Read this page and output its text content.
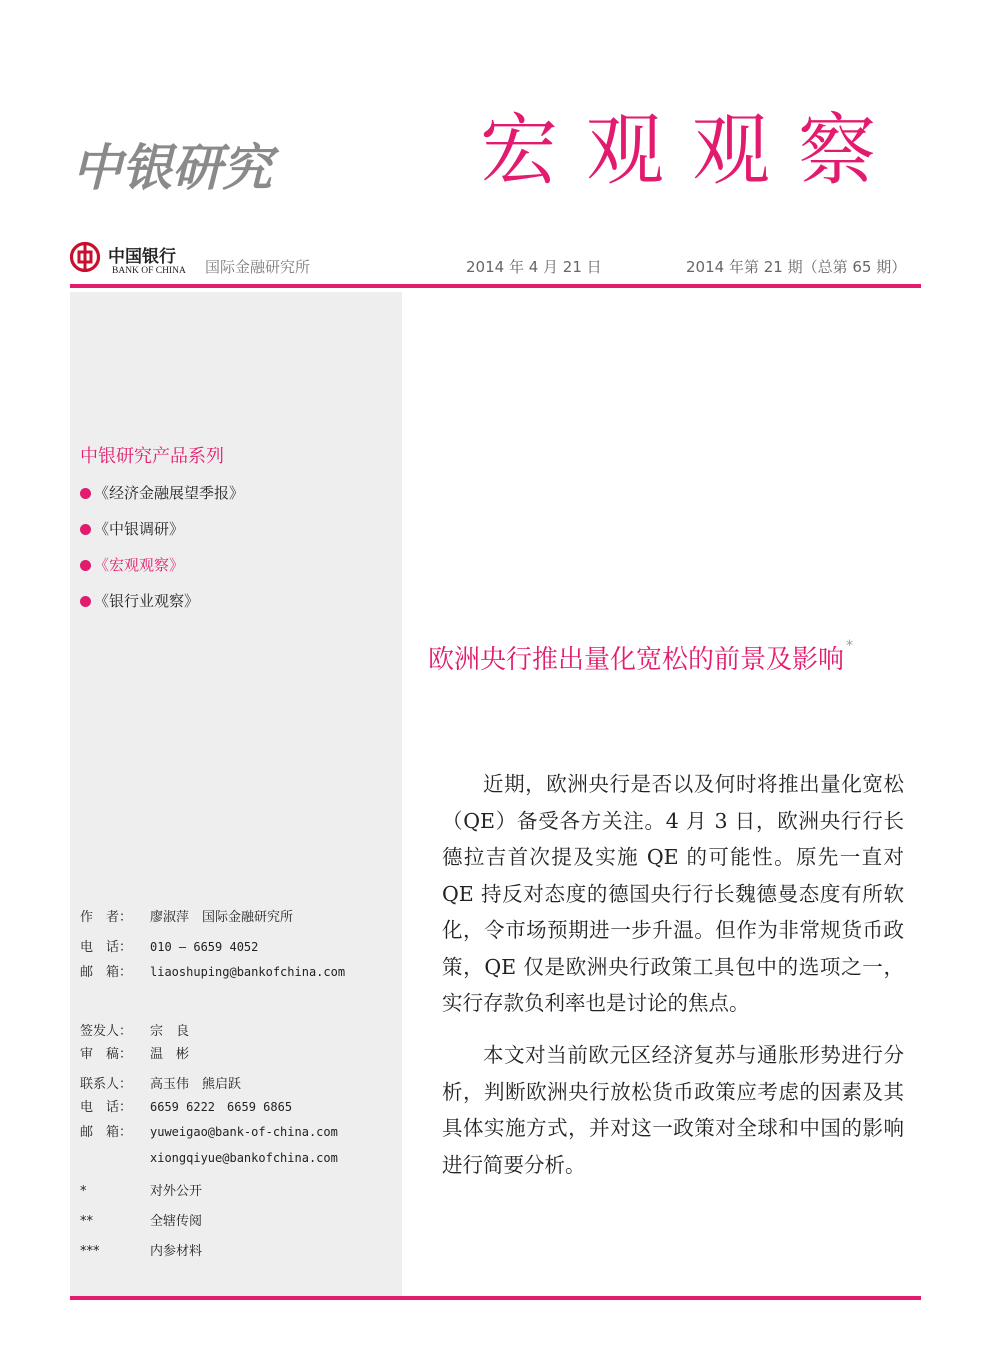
中银研究	宏观观察
中国银行
BANK OF CHINA 国际金融研究所	2014 年 4 月 21 日	2014 年第 21 期（总第 65 期）
中银研究产品系列
《经济金融展望季报》
《中银调研》
《宏观观察》
《银行业观察》
作　者： 廖淑萍　国际金融研究所
电　话： 010 — 6659 4052
邮　箱： liaoshuping@bankofchina.com
签发人： 宗　良
审　稿： 温　彬
联系人： 高玉伟　熊启跃
电　话： 6659 6222　6659 6865
邮　箱： yuweigao@bank-of-china.com
xiongqiyue@bankofchina.com
*	对外公开
**	全辖传阅
***	内参材料
欧洲央行推出量化宽松的前景及影响 *

近期，欧洲央行是否以及何时将推出量化宽松（QE）备受各方关注。4 月 3 日，欧洲央行行长德拉吉首次提及实施 QE 的可能性。原先一直对 QE 持反对态度的德国央行行长魏德曼态度有所软化，令市场预期进一步升温。但作为非常规货币政策，QE 仅是欧洲央行政策工具包中的选项之一，实行存款负利率也是讨论的焦点。

本文对当前欧元区经济复苏与通胀形势进行分析，判断欧洲央行放松货币政策应考虑的因素及其具体实施方式，并对这一政策对全球和中国的影响进行简要分析。
